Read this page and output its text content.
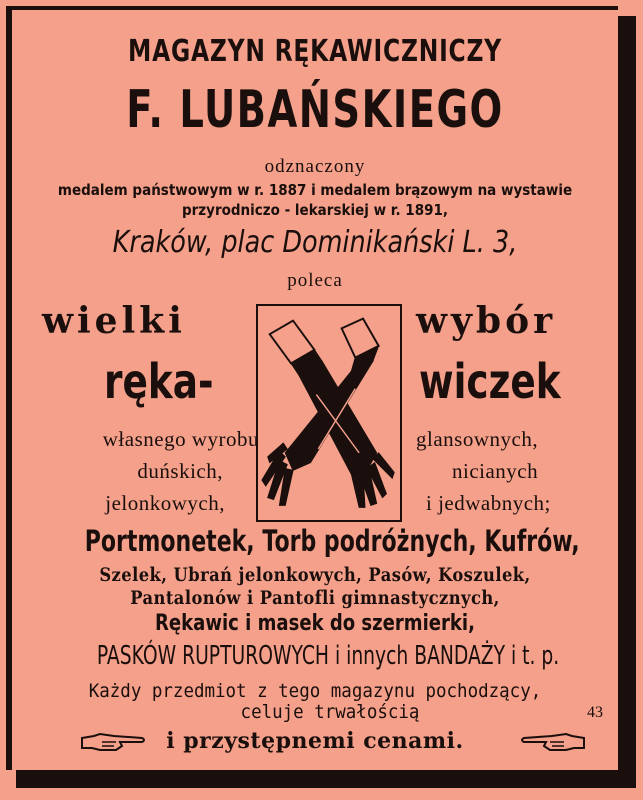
MAGAZYN RĘKAWICZNICZY
F. LUBAŃSKIEGO
odznaczony
medalem państwowym w r. 1887 i medalem brązowym na wystawie
przyrodniczo - lekarskiej w r. 1891,
Kraków, plac Dominikański L. 3,
poleca
wielki	wybór
ręka-	wiczek
własnego wyrobu
duńskich,
jelonkowych,
glansownych,
nicianych
i jedwabnych;
Portmonetek, Torb podróżnych, Kufrów,
Szelek, Ubrań jelonkowych, Pasów, Koszulek,
Pantalonów i Pantofli gimnastycznych,
Rękawic i masek do szermierki,
PASKÓW RUPTUROWYCH i innych BANDAŻY i t. p.
Każdy przedmiot z tego magazynu pochodzący,
celuje trwałością	43
i przystępnemi cenami.
